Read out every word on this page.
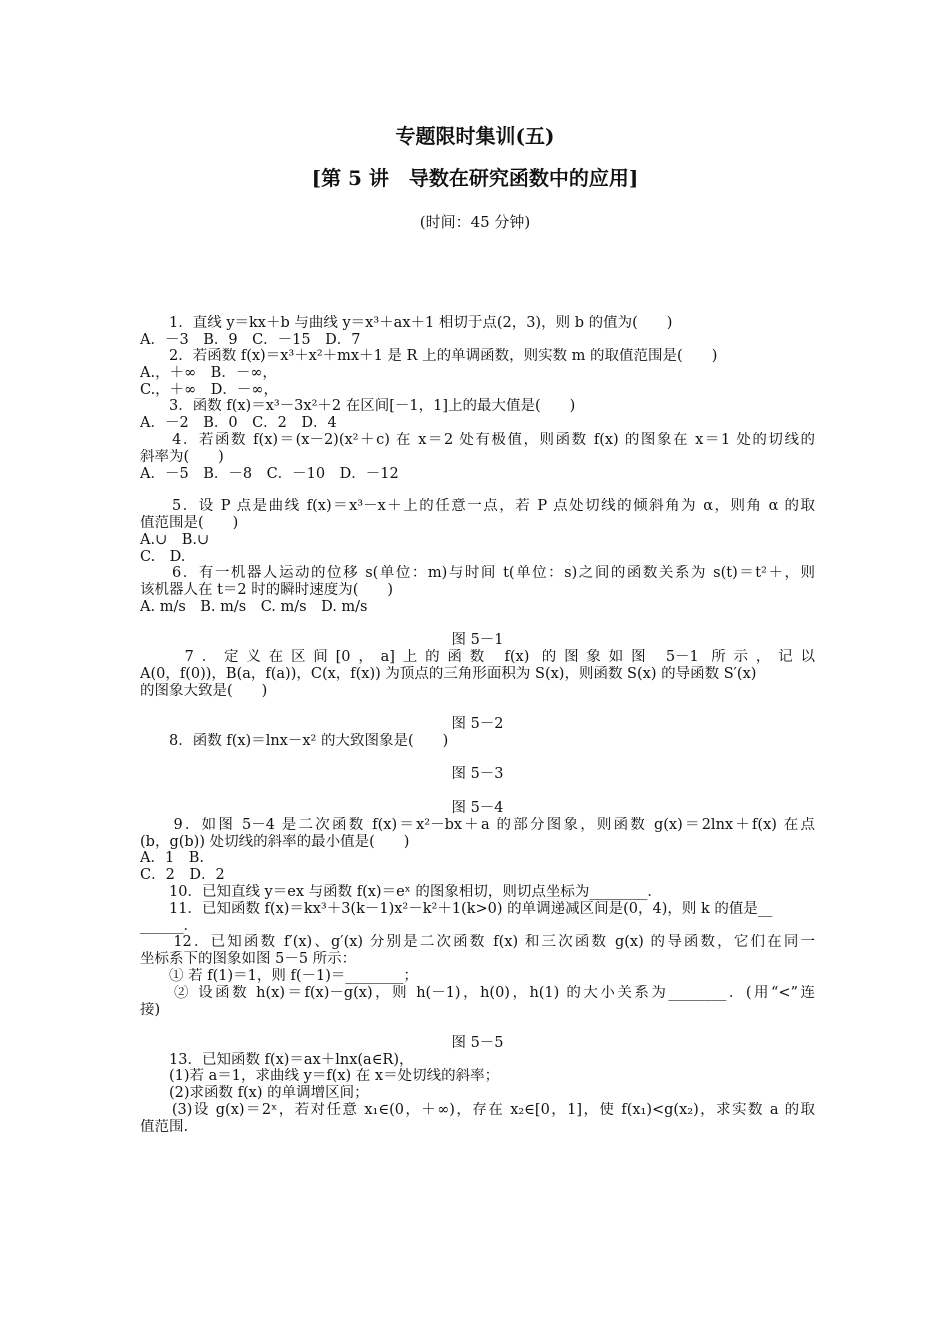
专题限时集训(五)
[第 5 讲　导数在研究函数中的应用]
(时间：45 分钟)
　　1．直线 y＝kx＋b 与曲线 y＝x³＋ax＋1 相切于点(2，3)，则 b 的值为(　　)
A．－3　B．9　C．－15　D．7
　　2．若函数 f(x)＝x³＋x²＋mx＋1 是 R 上的单调函数，则实数 m 的取值范围是(　　)
A.，＋∞　B．－∞，
C.，＋∞　D．－∞，
　　3．函数 f(x)＝x³－3x²＋2 在区间[－1，1]上的最大值是(　　)
A．－2　B．0　C．2　D．4
　　4．若函数 f(x)＝(x－2)(x²＋c) 在 x＝2 处有极值，则函数 f(x) 的图象在 x＝1 处的切线的
斜率为(　　)
A．－5　B．－8　C．－10　D．－12
　　5．设 P 点是曲线 f(x)＝x³－x＋上的任意一点，若 P 点处切线的倾斜角为 α，则角 α 的取
值范围是(　　)
A.∪　B.∪
C.　D.
　　6．有一机器人运动的位移 s(单位：m)与时间 t(单位：s)之间的函数关系为 s(t)＝t²＋，则
该机器人在 t＝2 时的瞬时速度为(　　)
A. m/s　B. m/s　C. m/s　D. m/s
图 5－1
　　7．定义在区间[0，a]上的函数 f(x) 的图象如图 5－1 所示，记以
A(0，f(0))，B(a，f(a))，C(x，f(x)) 为顶点的三角形面积为 S(x)，则函数 S(x) 的导函数 S′(x)
的图象大致是(　　)
图 5－2
　　8．函数 f(x)＝lnx－x² 的大致图象是(　　)
图 5－3
图 5－4
　　9．如图 5－4 是二次函数 f(x)＝x²－bx＋a 的部分图象，则函数 g(x)＝2lnx＋f(x) 在点
(b，g(b)) 处切线的斜率的最小值是(　　)
A．1　B.
C．2　D．2
　　10．已知直线 y＝ex 与函数 f(x)＝eˣ 的图象相切，则切点坐标为________．
　　11．已知函数 f(x)＝kx³＋3(k－1)x²－k²＋1(k>0) 的单调递减区间是(0，4)，则 k 的值是__
______．
　　12．已知函数 f′(x)、g′(x) 分别是二次函数 f(x) 和三次函数 g(x) 的导函数，它们在同一
坐标系下的图象如图 5－5 所示：
　　① 若 f(1)＝1，则 f(－1)＝________；
　　② 设函数 h(x)＝f(x)－g(x)，则 h(－1)，h(0)，h(1) 的大小关系为________．(用“<”连
接)
图 5－5
　　13．已知函数 f(x)＝ax＋lnx(a∈R)，
　　(1)若 a＝1，求曲线 y＝f(x) 在 x＝处切线的斜率；
　　(2)求函数 f(x) 的单调增区间；
　　(3)设 g(x)＝2ˣ，若对任意 x₁∈(0，＋∞)，存在 x₂∈[0，1]，使 f(x₁)<g(x₂)，求实数 a 的取
值范围.
